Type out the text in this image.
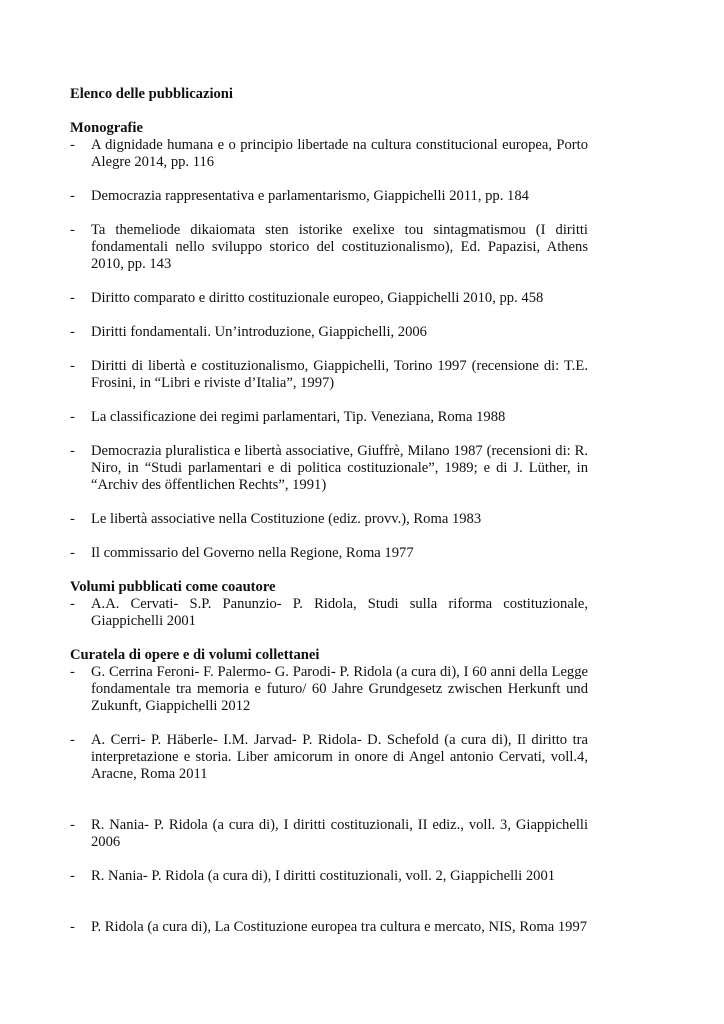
Elenco delle pubblicazioni

Monografie

- A dignidade humana e o principio libertade na cultura constitucional europea, Porto Alegre 2014, pp. 116
- Democrazia rappresentativa e parlamentarismo, Giappichelli 2011, pp. 184
- Ta themeliode dikaiomata sten istorike exelixe tou sintagmatismou (I diritti fondamentali nello sviluppo storico del costituzionalismo), Ed. Papazisi, Athens 2010, pp. 143
- Diritto comparato e diritto costituzionale europeo, Giappichelli 2010, pp. 458
- Diritti fondamentali. Un’introduzione, Giappichelli, 2006
- Diritti di libertà e costituzionalismo, Giappichelli, Torino 1997 (recensione di: T.E. Frosini, in “Libri e riviste d’Italia”, 1997)
- La classificazione dei regimi parlamentari, Tip. Veneziana, Roma 1988
- Democrazia pluralistica e libertà associative, Giuffrè, Milano 1987 (recensioni di: R. Niro, in “Studi parlamentari e di politica costituzionale”, 1989; e di J. Lüther, in “Archiv des öffentlichen Rechts”, 1991)
- Le libertà associative nella Costituzione (ediz. provv.), Roma 1983
- Il commissario del Governo nella Regione, Roma 1977

Volumi pubblicati come coautore

- A.A. Cervati- S.P. Panunzio- P. Ridola, Studi sulla riforma costituzionale, Giappichelli 2001

Curatela di opere e di volumi collettanei

- G. Cerrina Feroni- F. Palermo- G. Parodi- P. Ridola (a cura di), I 60 anni della Legge fondamentale tra memoria e futuro/ 60 Jahre Grundgesetz zwischen Herkunft und Zukunft, Giappichelli 2012
- A. Cerri- P. Häberle- I.M. Jarvad- P. Ridola- D. Schefold (a cura di), Il diritto tra interpretazione e storia. Liber amicorum in onore di Angel antonio Cervati, voll.4, Aracne, Roma 2011
- R. Nania- P. Ridola (a cura di), I diritti costituzionali, II ediz., voll. 3, Giappichelli 2006
- R. Nania- P. Ridola (a cura di), I diritti costituzionali, voll. 2, Giappichelli 2001
- P. Ridola (a cura di), La Costituzione europea tra cultura e mercato, NIS, Roma 1997
